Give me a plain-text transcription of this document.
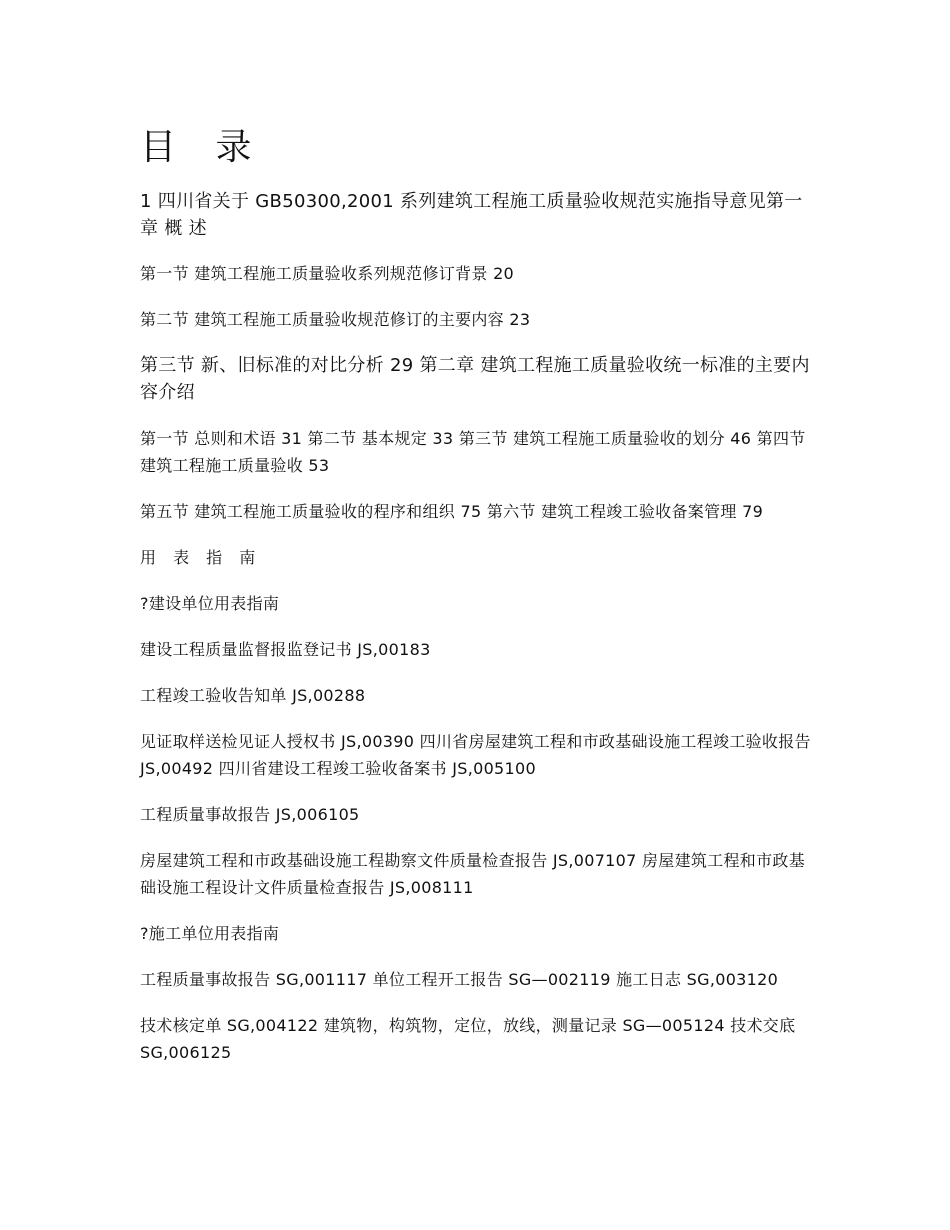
目 录

1 四川省关于 GB50300,2001 系列建筑工程施工质量验收规范实施指导意见第一章 概 述

第一节 建筑工程施工质量验收系列规范修订背景 20

第二节 建筑工程施工质量验收规范修订的主要内容 23

第三节 新、旧标准的对比分析 29 第二章 建筑工程施工质量验收统一标准的主要内容介绍

第一节 总则和术语 31 第二节 基本规定 33 第三节 建筑工程施工质量验收的划分 46 第四节 建筑工程施工质量验收 53

第五节 建筑工程施工质量验收的程序和组织 75 第六节 建筑工程竣工验收备案管理 79

用 表 指 南

?建设单位用表指南

建设工程质量监督报监登记书 JS,00183

工程竣工验收告知单 JS,00288

见证取样送检见证人授权书 JS,00390 四川省房屋建筑工程和市政基础设施工程竣工验收报告 JS,00492 四川省建设工程竣工验收备案书 JS,005100

工程质量事故报告 JS,006105

房屋建筑工程和市政基础设施工程勘察文件质量检查报告 JS,007107 房屋建筑工程和市政基础设施工程设计文件质量检查报告 JS,008111

?施工单位用表指南

工程质量事故报告 SG,001117 单位工程开工报告 SG—002119 施工日志 SG,003120

技术核定单 SG,004122 建筑物，构筑物，定位，放线，测量记录 SG—005124 技术交底 SG,006125
